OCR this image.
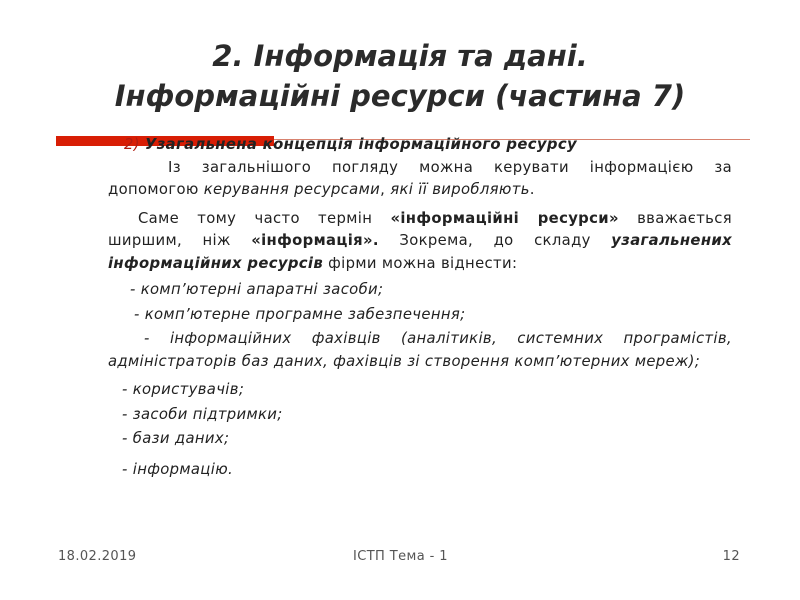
2. Інформація та дані.
Інформаційні ресурси (частина 7)

2) Узагальнена концепція інформаційного ресурсу

Із загальнішого погляду можна керувати інформацією за допомогою керування ресурсами, які її виробляють.

Саме тому часто термін «інформаційні ресурси» вважається ширшим, ніж «інформація». Зокрема, до складу узагальнених інформаційних ресурсів фірми можна віднести:

- комп’ютерні апаратні засоби;

- комп’ютерне програмне забезпечення;

- інформаційних фахівців (аналітиків, системних програмістів, адміністраторів баз даних, фахівців зі створення комп’ютерних мереж);

- користувачів;

- засоби підтримки;

- бази даних;

- інформацію.

18.02.2019	ІСТП Тема - 1	12
